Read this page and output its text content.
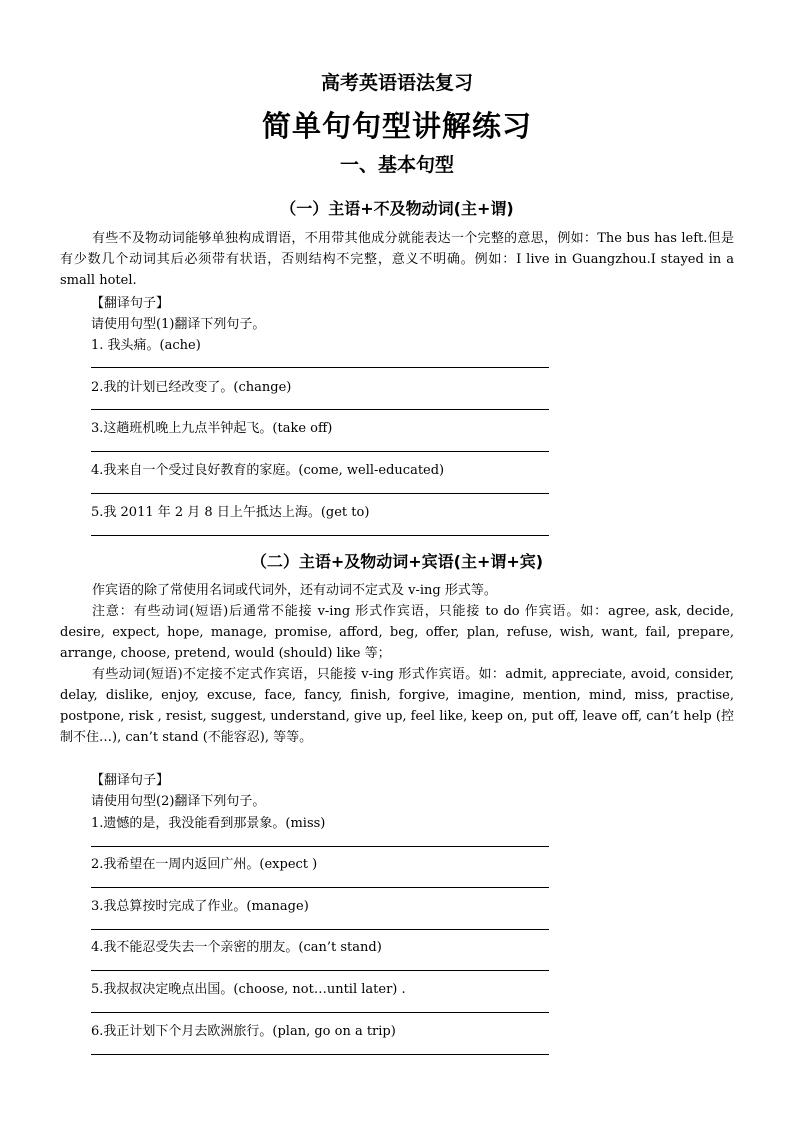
高考英语语法复习
简单句句型讲解练习
一、基本句型
（一）主语+不及物动词(主+谓)
有些不及物动词能够单独构成谓语，不用带其他成分就能表达一个完整的意思，例如：The bus has left.但是有少数几个动词其后必须带有状语，否则结构不完整，意义不明确。例如：I live in Guangzhou.I stayed in a small hotel.
【翻译句子】
请使用句型(1)翻译下列句子。
1. 我头痛。(ache)
2.我的计划已经改变了。(change)
3.这趟班机晚上九点半钟起飞。(take off)
4.我来自一个受过良好教育的家庭。(come, well-educated)
5.我 2011 年 2 月 8 日上午抵达上海。(get to)
（二）主语+及物动词+宾语(主+谓+宾)
作宾语的除了常使用名词或代词外，还有动词不定式及 v-ing 形式等。
注意：有些动词(短语)后通常不能接 v-ing 形式作宾语，只能接 to do 作宾语。如：agree, ask, decide, desire, expect, hope, manage, promise, afford, beg, offer, plan, refuse, wish, want, fail, prepare, arrange, choose, pretend, would (should) like 等；
有些动词(短语)不定接不定式作宾语，只能接 v-ing 形式作宾语。如：admit, appreciate, avoid, consider, delay, dislike, enjoy, excuse, face, fancy, finish, forgive, imagine, mention, mind, miss, practise, postpone, risk , resist, suggest, understand, give up, feel like, keep on, put off, leave off, can’t help (控制不住…), can’t stand (不能容忍), 等等。
【翻译句子】
请使用句型(2)翻译下列句子。
1.遗憾的是，我没能看到那景象。(miss)
2.我希望在一周内返回广州。(expect )
3.我总算按时完成了作业。(manage)
4.我不能忍受失去一个亲密的朋友。(can’t stand)
5.我叔叔决定晚点出国。(choose, not…until later) .
6.我正计划下个月去欧洲旅行。(plan, go on a trip)
